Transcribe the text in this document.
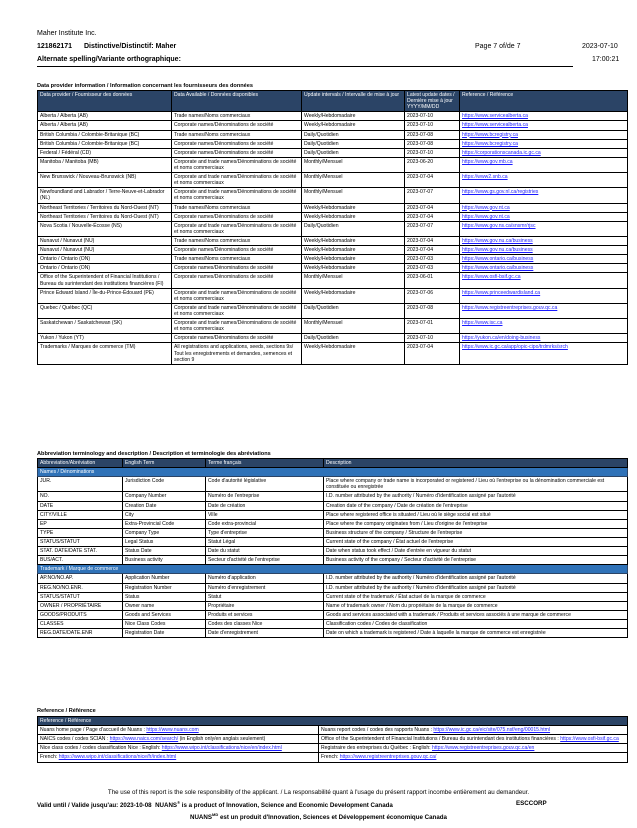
Maher Institute Inc.
121862171 Distinctive/Distinctif: Maher
Alternate spelling/Variante orthographique:
Page 7 of/de 7	2023-07-10
17:00:21
Data provider information / Information concernant les fournisseurs des données
Data provider / Fournisseur des données	Data Available / Données disponibles	Update intervals / Intervalle de mise à jour	Latest update dates / Dernière mise à jour YYYY/MM/DD	Reference / Référence
Alberta / Alberta (AB)	Trade names/Noms commerciaux	Weekly/Hebdomadaire	2023-07-10	https://www.servicealberta.ca
Alberta / Alberta (AB)	Corporate names/Dénominations de société	Weekly/Hebdomadaire	2023-07-10	https://www.servicealberta.ca
British Columbia / Colombie-Britanique (BC)	Trade names/Noms commerciaux	Daily/Quotidien	2023-07-08	https://www.bcregistry.ca
British Columbia / Colombie-Britanique (BC)	Corporate names/Dénominations de société	Daily/Quotidien	2023-07-08	https://www.bcregistry.ca
Federal / Fédéral (CD)	Corporate names/Dénominations de société	Daily/Quotidien	2023-07-10	https://corporationscanada.ic.gc.ca
Manitoba / Manitoba (MB)	Corporate and trade names/Dénominations de société et noms commerciaux	Monthly/Mensuel	2023-06-20	https://www.gov.mb.ca
New Brunswick / Nouveau-Brunswick (NB)	Corporate and trade names/Dénominations de société et noms commerciaux	Monthly/Mensuel	2023-07-04	https://www2.snb.ca
Newfoundland and Labrador / Terre-Neuve-et-Labrador (NL)	Corporate and trade names/Dénominations de société et noms commerciaux	Monthly/Mensuel	2023-07-07	https://www.gs.gov.nl.ca/registries
Northeast Territories / Territoires du Nord-Ouest (NT)	Trade names/Noms commerciaux	Weekly/Hebdomadaire	2023-07-04	https://www.gov.nt.ca
Northeast Territories / Territoires du Nord-Ouest (NT)	Corporate names/Dénominations de société	Weekly/Hebdomadaire	2023-07-04	https://www.gov.nt.ca
Nova Scotia / Nouvelle-Écosse (NS)	Corporate and trade names/Dénominations de société et noms commerciaux	Daily/Quotidien	2023-07-07	https://www.gov.ns.ca/snsmr/rjsc
Nunavut / Nunavut (NU)	Trade names/Noms commerciaux	Weekly/Hebdomadaire	2023-07-04	https://www.gov.nu.ca/business
Nunavut / Nunavut (NU)	Corporate names/Dénominations de société	Weekly/Hebdomadaire	2023-07-04	https://www.gov.nu.ca/business
Ontario / Ontario (ON)	Trade names/Noms commerciaux	Weekly/Hebdomadaire	2023-07-03	https://www.ontario.ca/business
Ontario / Ontario (ON)	Corporate names/Dénominations de société	Weekly/Hebdomadaire	2023-07-03	https://www.ontario.ca/business
Office of the Superintendent of Financial Institutions / Bureau du surintendant des institutions financières (FI)	Corporate names/Dénominations de société	Monthly/Mensuel	2023-06-01	https://www.osfi-bsif.gc.ca
Prince Edward Island / Île-du-Prince-Édouard (PE)	Corporate and trade names/Dénominations de société et noms commerciaux	Weekly/Hebdomadaire	2023-07-06	https://www.princeedwardisland.ca
Quebec / Québec (QC)	Corporate and trade names/Dénominations de société et noms commerciaux	Daily/Quotidien	2023-07-08	https://www.registreentreprises.gouv.qc.ca
Saskatchewan / Saskatchewan (SK)	Corporate and trade names/Dénominations de société et noms commerciaux	Monthly/Mensuel	2023-07-01	https://www.isc.ca
Yukon / Yukon (YT)	Corporate names/Dénominations de société	Daily/Quotidien	2023-07-10	https://yukon.ca/en/doing-business
Trademarks / Marques de commerce (TM)	All registrations and applications, seeds, sections 9s/ Tout les enregistrements et demandes, semences et section 9	Weekly/Hebdomadaire	2023-07-04	https://www.ic.gc.ca/app/opic-cipo/trdmrks/srch
Abbreviation terminology and description / Description et terminologie des abréviations
Abbreviation/Abréviation	English Term	Terme français	Description
Names / Dénominations			
JUR.	Jurisdiction Code	Code d'autorité législative	Place where company or trade name is incorporated or registered / Lieu où l'entreprise ou la dénomination commerciale est constituée ou enregistrée
NO.	Company Number	Numéro de l'entreprise	I.D. number attributed by the authority / Numéro d'identification assigné par l'autorité
DATE	Creation Date	Date de création	Creation date of the company / Date de création de l'entreprise
CITY/VILLE	City	Ville	Place where registered office is situated / Lieu où le siège social est situé
EP	Extra-Provincial Code	Code extra-provincial	Place where the company originates from / Lieu d'origine de l'entreprise
TYPE	Company Type	Type d'entreprise	Business structure of the company / Structure de l'entreprise
STATUS/STATUT	Legal Status	Statut Légal	Current state of the company / État actuel de l'entreprise
STAT. DATE/DATE STAT.	Status Date	Date du statut	Date when status took effect / Date d'entrée en vigueur du statut
BUS/ACT.	Business activity	Secteur d'activité de l'entreprise	Business activity of the company / Secteur d'activité de l'entreprise
Trademark / Marque de commerce			
AP.NO/NO.AP.	Application Number	Numéro d'application	I.D. number attributed by the authority / Numéro d'identification assigné par l'autorité
REG.NO/NO.ENR.	Registration Number	Numéro d'enregistrement	I.D. number attributed by the authority / Numéro d'identification assigné par l'autorité
STATUS/STATUT	Status	Statut	Current state of the trademark / État actuel de la marque de commerce
OWNER / PROPRIÉTAIRE	Owner name	Propriétaire	Name of trademark owner / Nom du propriétaire de la marque de commerce
GOODS/PRODUITS	Goods and Services	Produits et services	Goods and services associated with a trademark / Produits et services associés à une marque de commerce
CLASSES	Nice Class Codes	Codes des classes Nice	Classification codes / Codes de classification
REG.DATE/DATE.ENR	Registration Date	Date d'enregistrement	Date on which a trademark is registered / Date à laquelle la marque de commerce est enregistrée
Reference / Référence
Reference / Référence	
Nuans home page / Page d'accueil de Nuans : https://www.nuans.com	Nuans report codes / codes des rapports Nuans : https://www.ic.gc.ca/eic/site/075.nsf/eng/00015.html
NAICS codes / codes SCIAN : https://www.naics.com/search/ (in English only/en anglais seulement)	Office of the Superintendent of Financial Institutions / Bureau du surintendant des institutions financières : https://www.osfi-bsif.gc.ca
Nice class codes / codes classification Nice : English: https://www.wipo.int/classifications/nice/en/index.html	Registraire des entreprises du Québec : English: https://www.registreentreprises.gouv.qc.ca/en
French: https://www.wipo.int/classifications/nice/fr/index.html	French: https://www.registreentreprises.gouv.qc.ca/
The use of this report is the sole responsibility of the applicant. / La responsabilité quant à l'usage du présent rapport incombe entièrement au demandeur.
Valid until / Valide jusqu'au: 2023-10-08 NUANS® is a product of Innovation, Science and Economic Development Canada	ESCCORP
$NUANS^{MD}$ est un produit d'Innovation, Sciences et Développement économique Canada
